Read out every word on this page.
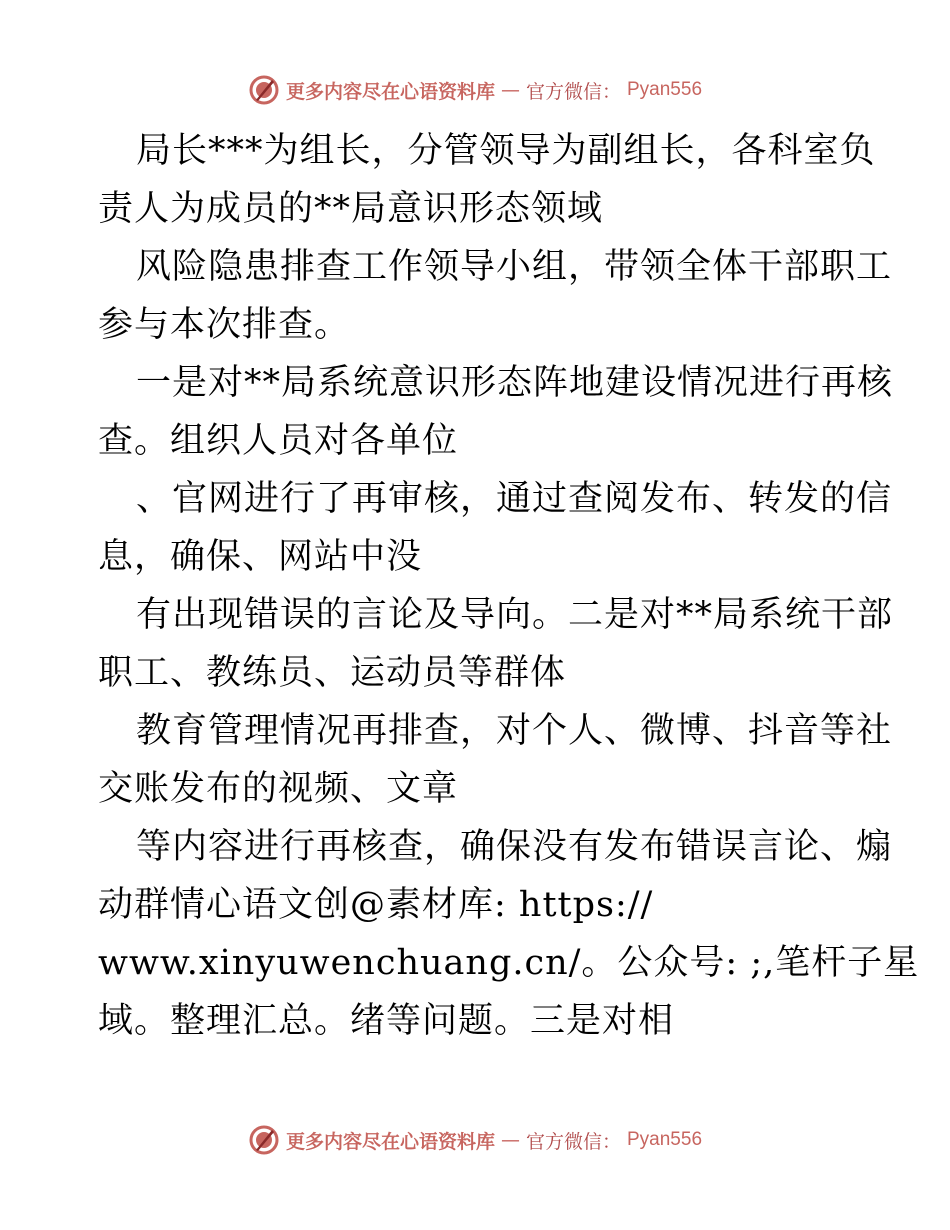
更多内容尽在心语资料库 — 官方微信： Pyan556
局长***为组长，分管领导为副组长，各科室负
责人为成员的**局意识形态领域
风险隐患排查工作领导小组，带领全体干部职工
参与本次排查。
一是对**局系统意识形态阵地建设情况进行再核
查。组织人员对各单位
、官网进行了再审核，通过查阅发布、转发的信
息，确保、网站中没
有出现错误的言论及导向。二是对**局系统干部
职工、教练员、运动员等群体
教育管理情况再排查，对个人、微博、抖音等社
交账发布的视频、文章
等内容进行再核查，确保没有发布错误言论、煽
动群情心语文创@素材库: https://
www.xinyuwenchuang.cn/。公众号: ;,笔杆子星
域。整理汇总。绪等问题。三是对相
更多内容尽在心语资料库 — 官方微信： Pyan556
